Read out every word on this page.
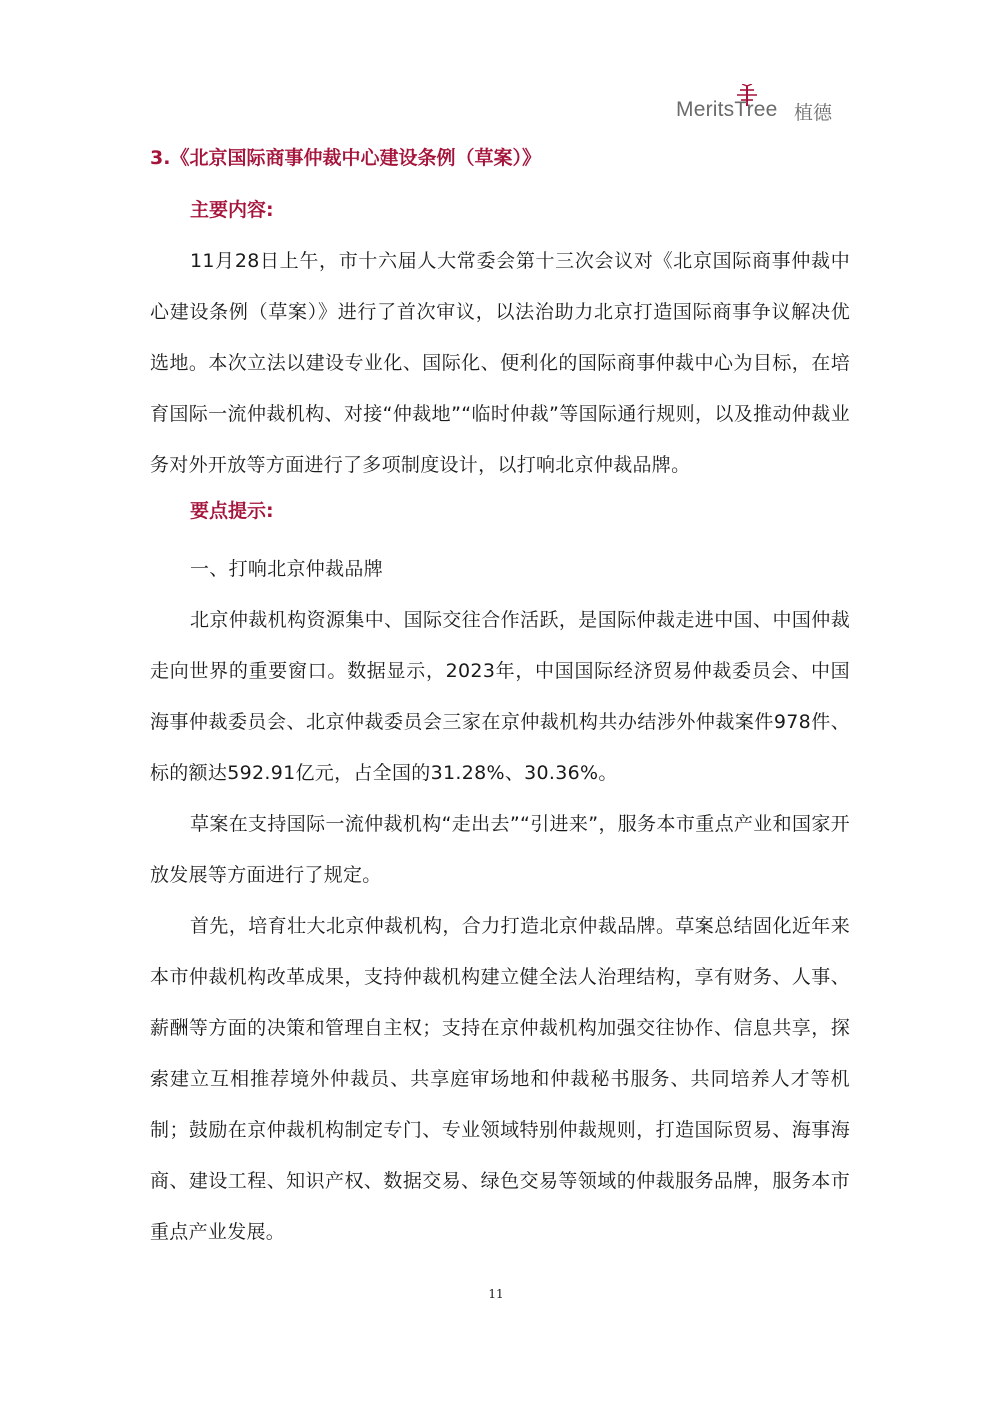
MeritsTree 植德
3.《北京国际商事仲裁中心建设条例（草案）》
主要内容:

11月28日上午，市十六届人大常委会第十三次会议对《北京国际商事仲裁中心建设条例（草案）》进行了首次审议，以法治助力北京打造国际商事争议解决优选地。本次立法以建设专业化、国际化、便利化的国际商事仲裁中心为目标，在培育国际一流仲裁机构、对接“仲裁地”“临时仲裁”等国际通行规则，以及推动仲裁业务对外开放等方面进行了多项制度设计，以打响北京仲裁品牌。

要点提示:

一、打响北京仲裁品牌

北京仲裁机构资源集中、国际交往合作活跃，是国际仲裁走进中国、中国仲裁走向世界的重要窗口。数据显示，2023年，中国国际经济贸易仲裁委员会、中国海事仲裁委员会、北京仲裁委员会三家在京仲裁机构共办结涉外仲裁案件978件、标的额达592.91亿元，占全国的31.28%、30.36%。

草案在支持国际一流仲裁机构“走出去”“引进来”，服务本市重点产业和国家开放发展等方面进行了规定。

首先，培育壮大北京仲裁机构，合力打造北京仲裁品牌。草案总结固化近年来本市仲裁机构改革成果，支持仲裁机构建立健全法人治理结构，享有财务、人事、薪酬等方面的决策和管理自主权；支持在京仲裁机构加强交往协作、信息共享，探索建立互相推荐境外仲裁员、共享庭审场地和仲裁秘书服务、共同培养人才等机制；鼓励在京仲裁机构制定专门、专业领域特别仲裁规则，打造国际贸易、海事海商、建设工程、知识产权、数据交易、绿色交易等领域的仲裁服务品牌，服务本市重点产业发展。

11
